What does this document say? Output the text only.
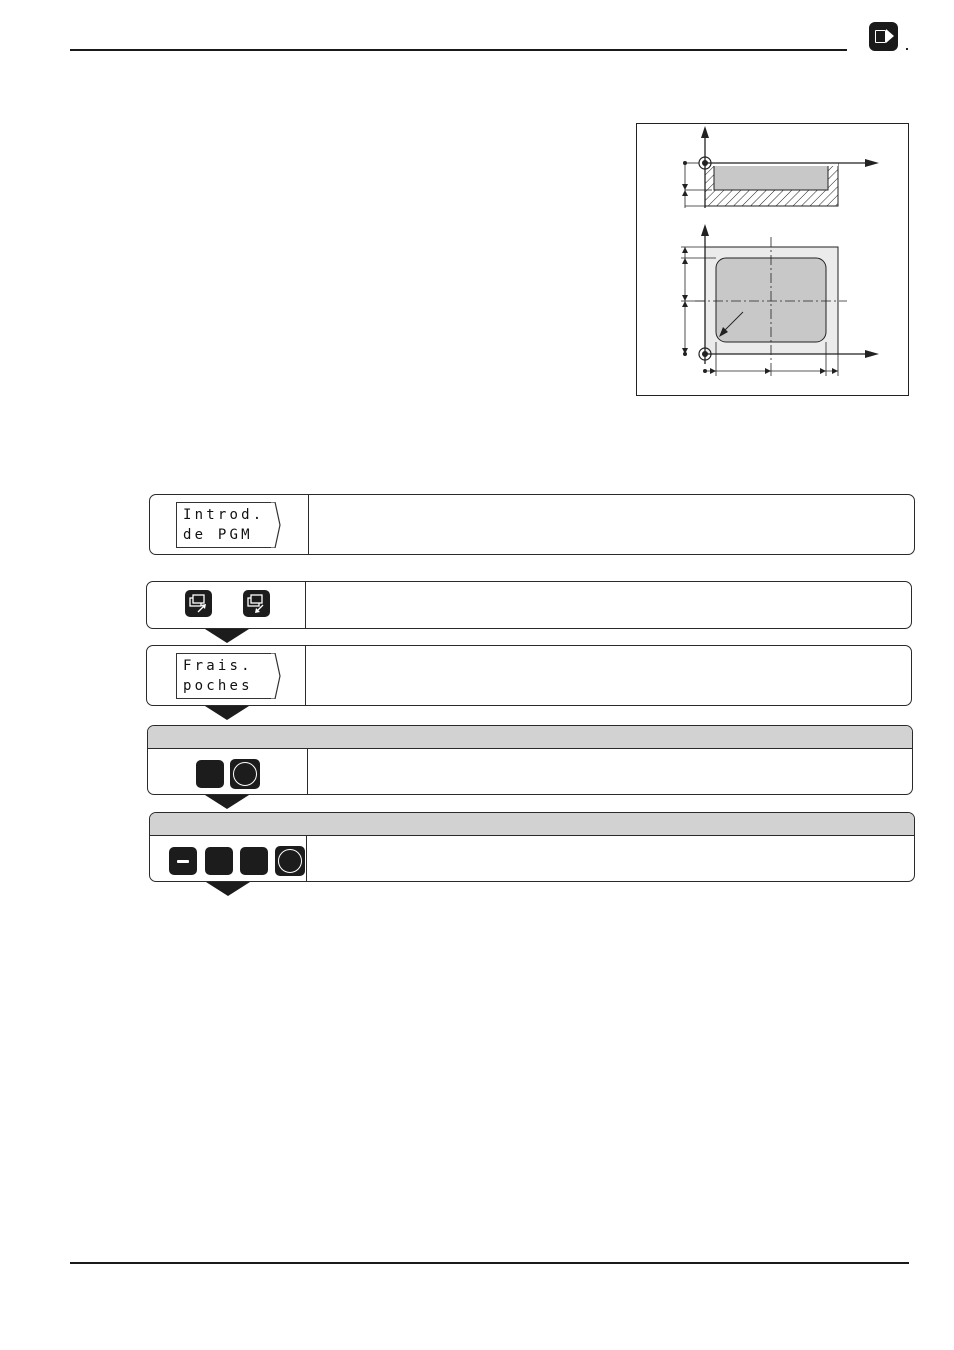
Introd.
de PGM
Frais.
poches
